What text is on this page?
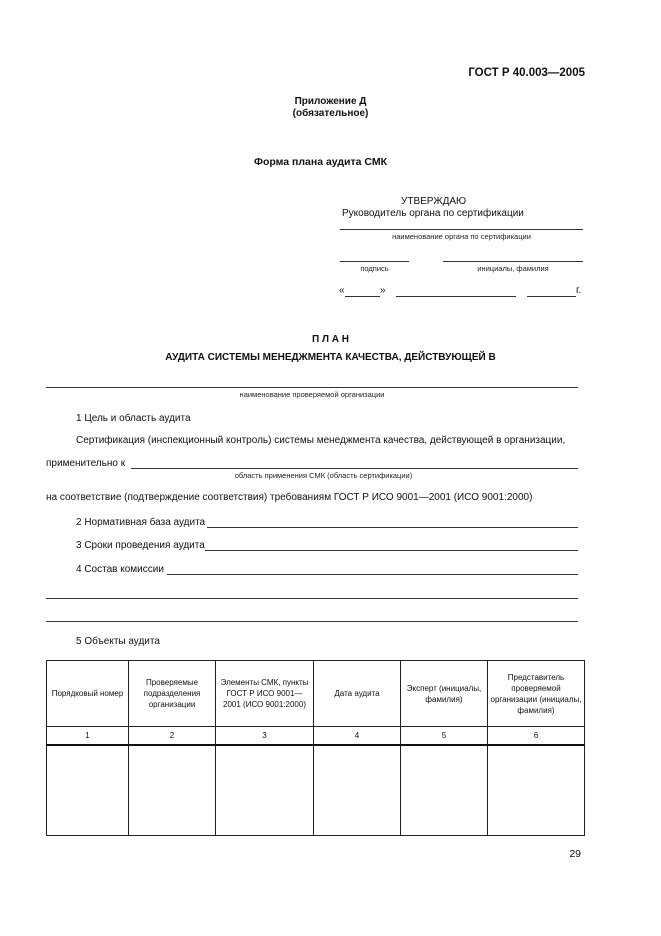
ГОСТ Р 40.003—2005
Приложение Д
(обязательное)
Форма плана аудита СМК
УТВЕРЖДАЮ
Руководитель органа по сертификации
наименование органа по сертификации
подпись	инициалы, фамилия
«	»	г.
П Л А Н
АУДИТА СИСТЕМЫ МЕНЕДЖМЕНТА КАЧЕСТВА, ДЕЙСТВУЮЩЕЙ В
наименование проверяемой организации
1 Цель и область аудита
Сертификация (инспекционный контроль) системы менеджмента качества, действующей в организации,
применительно к
область применения СМК (область сертификации)
на соответствие (подтверждение соответствия) требованиям ГОСТ Р ИСО 9001—2001 (ИСО 9001:2000)
2 Нормативная база аудита
3 Сроки проведения аудита
4 Состав комиссии
5 Объекты аудита
Порядковый номер	Проверяемые подразделения организации	Элементы СМК, пункты ГОСТ Р ИСО 9001—2001 (ИСО 9001:2000)	Дата аудита	Эксперт (инициалы, фамилия)	Представитель проверяемой организации (инициалы, фамилия)
1	2	3	4	5	6

29
